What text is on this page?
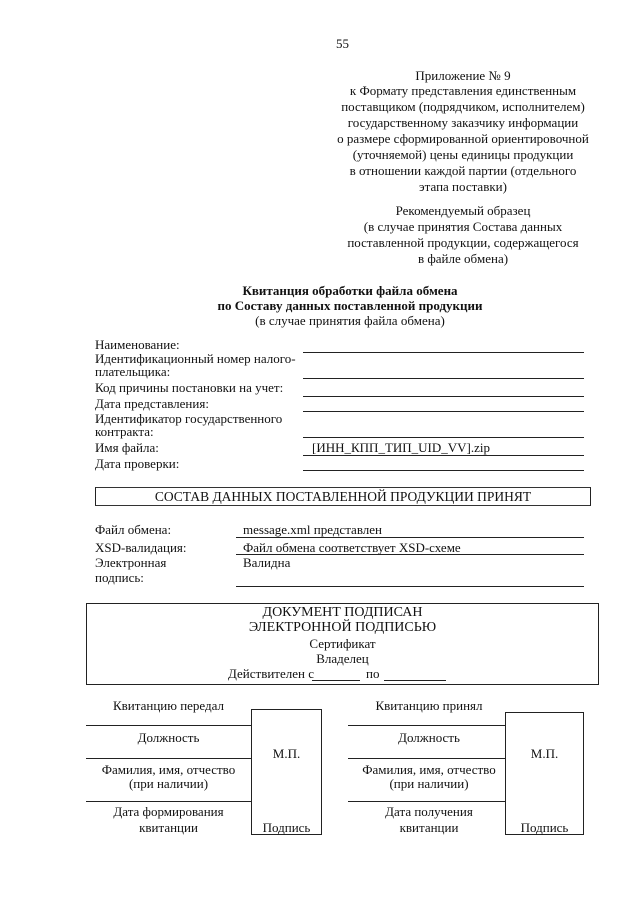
55
Приложение № 9
к Формату представления единственным
поставщиком (подрядчиком, исполнителем)
государственному заказчику информации
о размере сформированной ориентировочной
(уточняемой) цены единицы продукции
в отношении каждой партии (отдельного
этапа поставки)
Рекомендуемый образец
(в случае принятия Состава данных
поставленной продукции, содержащегося
в файле обмена)
Квитанция обработки файла обмена
по Составу данных поставленной продукции
(в случае принятия файла обмена)
Наименование:
Идентификационный номер налого-
плательщика:
Код причины постановки на учет:
Дата представления:
Идентификатор государственного
контракта:
Имя файла:	[ИНН_КПП_ТИП_UID_VV].zip
Дата проверки:
СОСТАВ ДАННЫХ ПОСТАВЛЕННОЙ ПРОДУКЦИИ ПРИНЯТ
Файл обмена:	message.xml представлен
XSD-валидация:	Файл обмена соответствует XSD-схеме
Электронная
подпись:
Валидна
ДОКУМЕНТ ПОДПИСАН
ЭЛЕКТРОННОЙ ПОДПИСЬЮ
Сертификат
Владелец
Действителен с	по
Квитанцию передал
Должность
М.П.
Фамилия, имя, отчество
(при наличии)
Дата формирования
квитанции	Подпись
Квитанцию принял
Должность
М.П.
Фамилия, имя, отчество
(при наличии)
Дата получения
квитанции	Подпись
